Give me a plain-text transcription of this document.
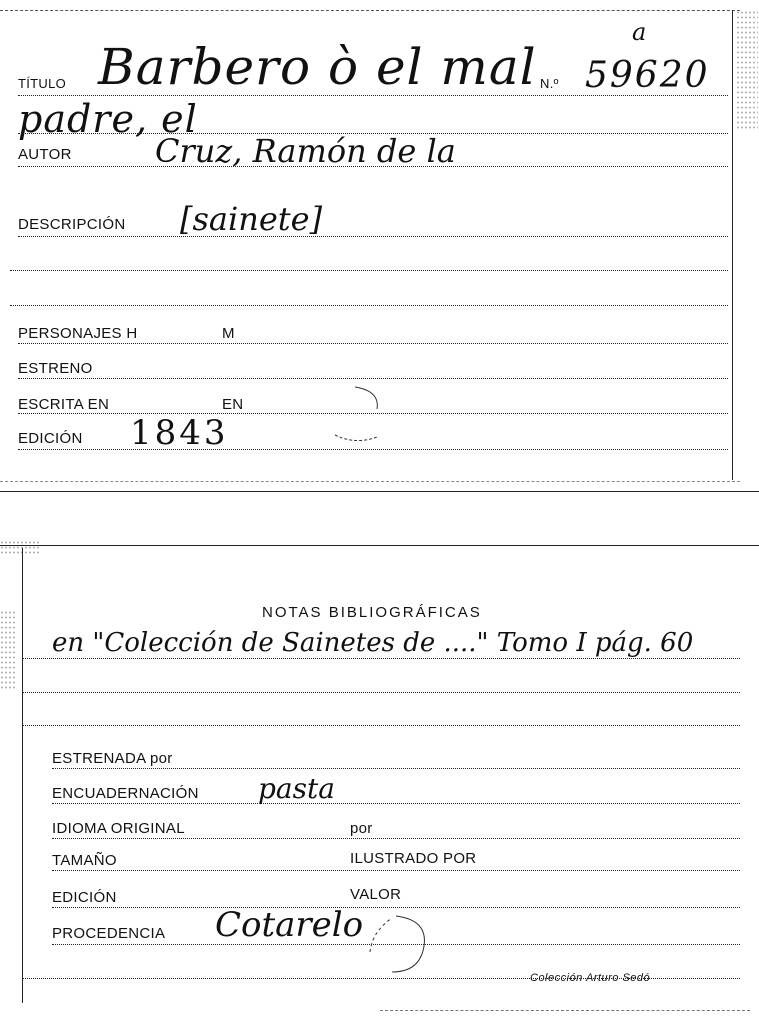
TÍTULO Barbero ò el mal N.º 59620
a
padre, el
AUTOR	Cruz, Ramón de la
DESCRIPCIÓN [sainete]
PERSONAJES H	M
ESTRENO
ESCRITA EN	EN
EDICIÓN 1843
NOTAS BIBLIOGRÁFICAS
en "Colección de Sainetes de ...." Tomo I pág. 60
ESTRENADA por
ENCUADERNACIÓN pasta
IDIOMA ORIGINAL	por
TAMAÑO	ILUSTRADO POR
EDICIÓN	VALOR
PROCEDENCIA Cotarelo
Colección Arturo Sedó
